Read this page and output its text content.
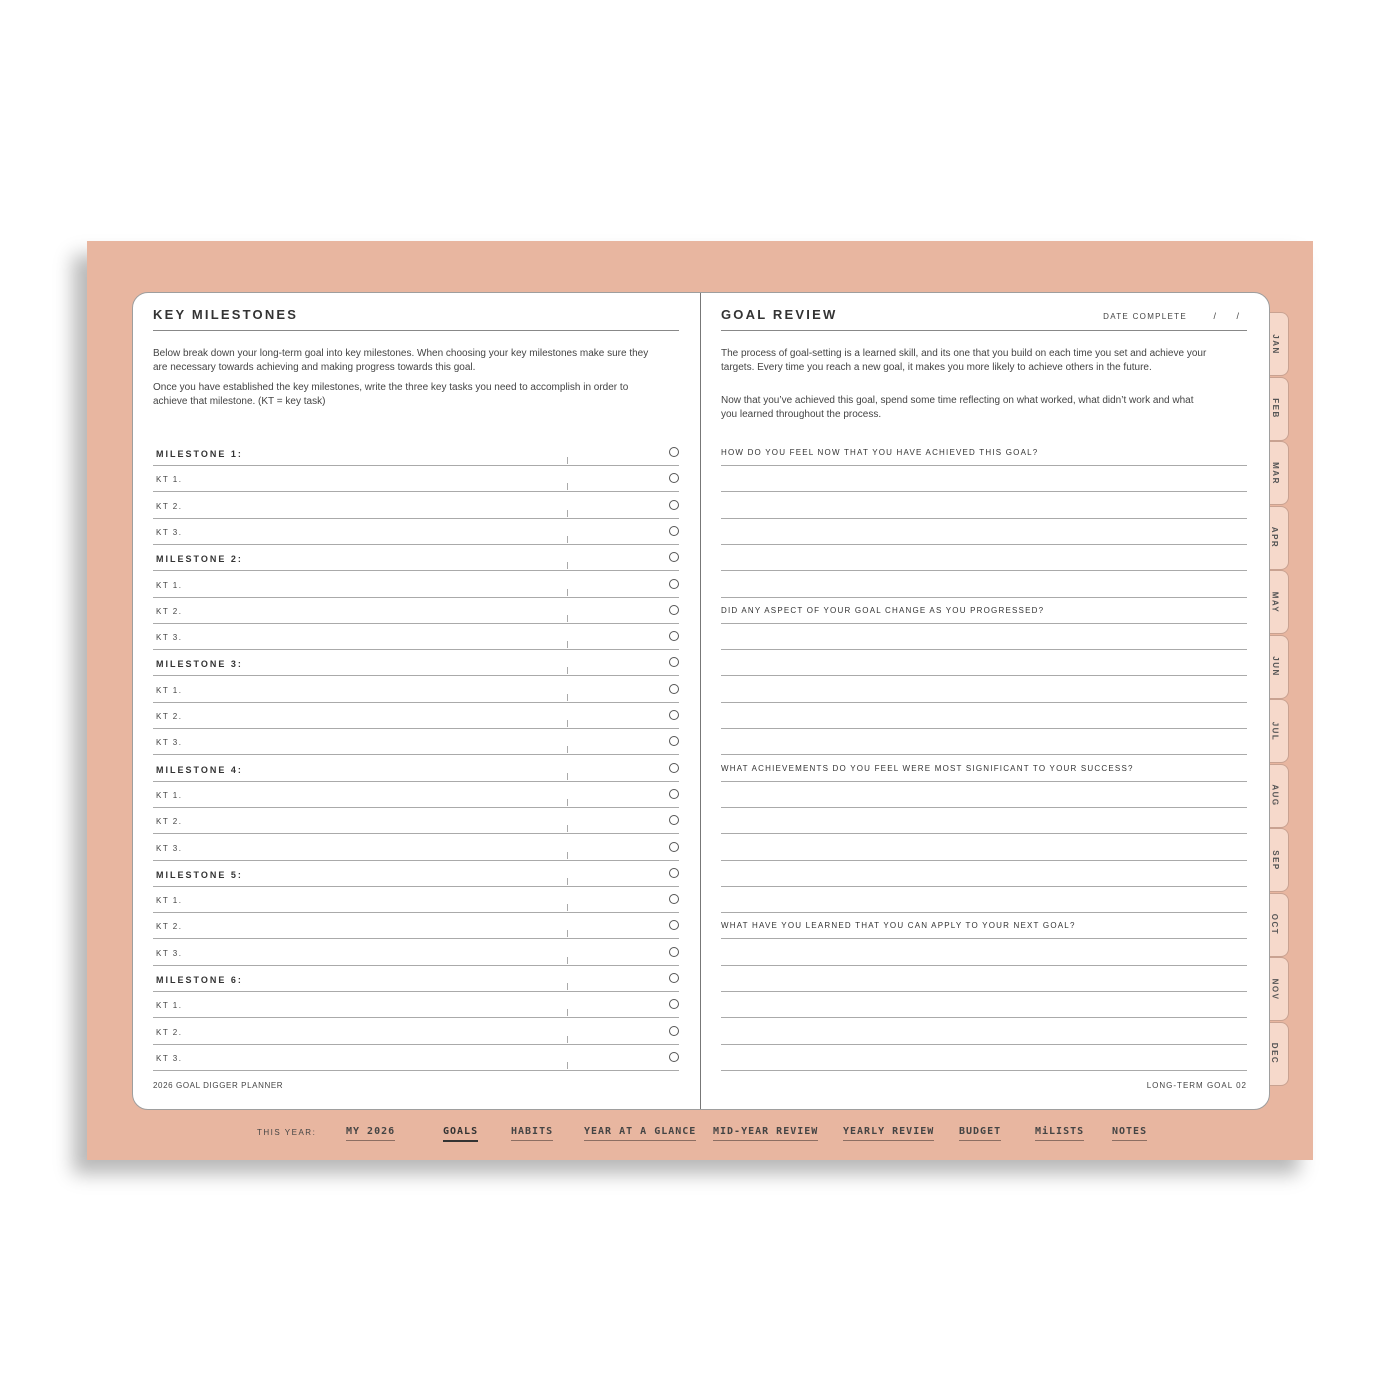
JAN
FEB
MAR
APR
MAY
JUN
JUL
AUG
SEP
OCT
NOV
DEC
KEY MILESTONES

Below break down your long-term goal into key milestones. When choosing your key milestones make sure they are necessary towards achieving and making progress towards this goal.

Once you have established the key milestones, write the three key tasks you need to accomplish in order to achieve that milestone. (KT = key task)

MILESTONE 1:
KT 1.
KT 2.
KT 3.
MILESTONE 2:
KT 1.
KT 2.
KT 3.
MILESTONE 3:
KT 1.
KT 2.
KT 3.
MILESTONE 4:
KT 1.
KT 2.
KT 3.
MILESTONE 5:
KT 1.
KT 2.
KT 3.
MILESTONE 6:
KT 1.
KT 2.
KT 3.
2026 GOAL DIGGER PLANNER
GOAL REVIEW	DATE COMPLETE	/ /

The process of goal-setting is a learned skill, and its one that you build on each time you set and achieve your targets. Every time you reach a new goal, it makes you more likely to achieve others in the future.

Now that you’ve achieved this goal, spend some time reflecting on what worked, what didn’t work and what you learned throughout the process.

HOW DO YOU FEEL NOW THAT YOU HAVE ACHIEVED THIS GOAL?
DID ANY ASPECT OF YOUR GOAL CHANGE AS YOU PROGRESSED?
WHAT ACHIEVEMENTS DO YOU FEEL WERE MOST SIGNIFICANT TO YOUR SUCCESS?
WHAT HAVE YOU LEARNED THAT YOU CAN APPLY TO YOUR NEXT GOAL?
LONG-TERM GOAL 02
THIS YEAR:	MY 2026	GOALS	HABITS	YEAR AT A GLANCE MID-YEAR REVIEW YEARLY REVIEW BUDGET	MiLISTS	NOTES
